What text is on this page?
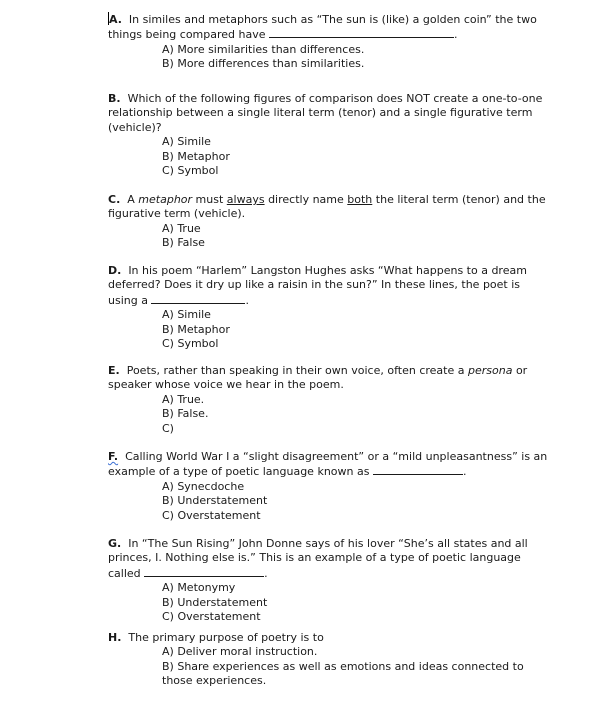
A. In similes and metaphors such as “The sun is (like) a golden coin” the two things being compared have	.

A) More similarities than differences.
B) More differences than similarities.

B. Which of the following figures of comparison does NOT create a one-to-one relationship between a single literal term (tenor) and a single figurative term (vehicle)?

A) Simile
B) Metaphor
C) Symbol

C. A metaphor must always directly name both the literal term (tenor) and the figurative term (vehicle).

A) True
B) False

D. In his poem “Harlem” Langston Hughes asks “What happens to a dream deferred? Does it dry up like a raisin in the sun?” In these lines, the poet is using a	.

A) Simile
B) Metaphor
C) Symbol

E. Poets, rather than speaking in their own voice, often create a persona or speaker whose voice we hear in the poem.

A) True.
B) False.
C)

F. Calling World War I a “slight disagreement” or a “mild unpleasantness” is an example of a type of poetic language known as	.

A) Synecdoche
B) Understatement
C) Overstatement

G. In “The Sun Rising” John Donne says of his lover “She’s all states and all princes, I. Nothing else is.” This is an example of a type of poetic language called	.

A) Metonymy
B) Understatement
C) Overstatement

H. The primary purpose of poetry is to

A) Deliver moral instruction.
B) Share experiences as well as emotions and ideas connected to those experiences.
